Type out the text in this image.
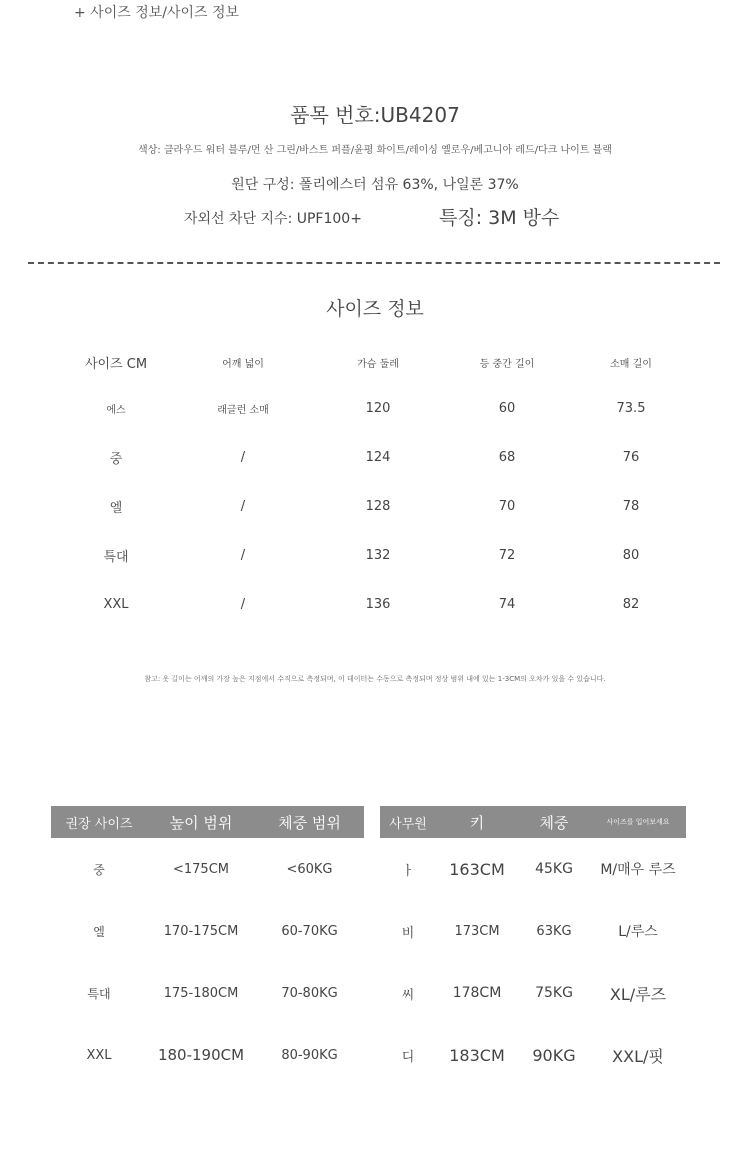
+ 사이즈 정보/사이즈 정보
품목 번호:UB4207
색상: 클라우드 워터 블루/먼 산 그린/바스트 퍼플/윤평 화이트/레이싱 옐로우/베고니아 레드/다크 나이트 블랙
원단 구성: 폴리에스터 섬유 63%, 나일론 37%
자외선 차단 지수: UPF100+	특징: 3M 방수
사이즈 정보
사이즈 CM	어깨 넓이	가슴 둘레	등 중간 길이	소매 길이
에스	래글런 소매	120	60	73.5
중	/	124	68	76
엘	/	128	70	78
특대	/	132	72	80
XXL	/	136	74	82
참고: 옷 길이는 어깨의 가장 높은 지점에서 수직으로 측정되며, 이 데이터는 수동으로 측정되며 정상 범위 내에 있는 1-3CM의 오차가 있을 수 있습니다.
권장 사이즈	높이 범위	체중 범위
중	<175CM	<60KG
엘	170-175CM	60-70KG
특대	175-180CM	70-80KG
XXL	180-190CM	80-90KG
사무원	키	체중	사이즈를 입어보세요
ㅏ	163CM	45KG	M/매우 루즈
비	173CM	63KG	L/루스
씨	178CM	75KG	XL/루즈
디	183CM	90KG	XXL/핏
